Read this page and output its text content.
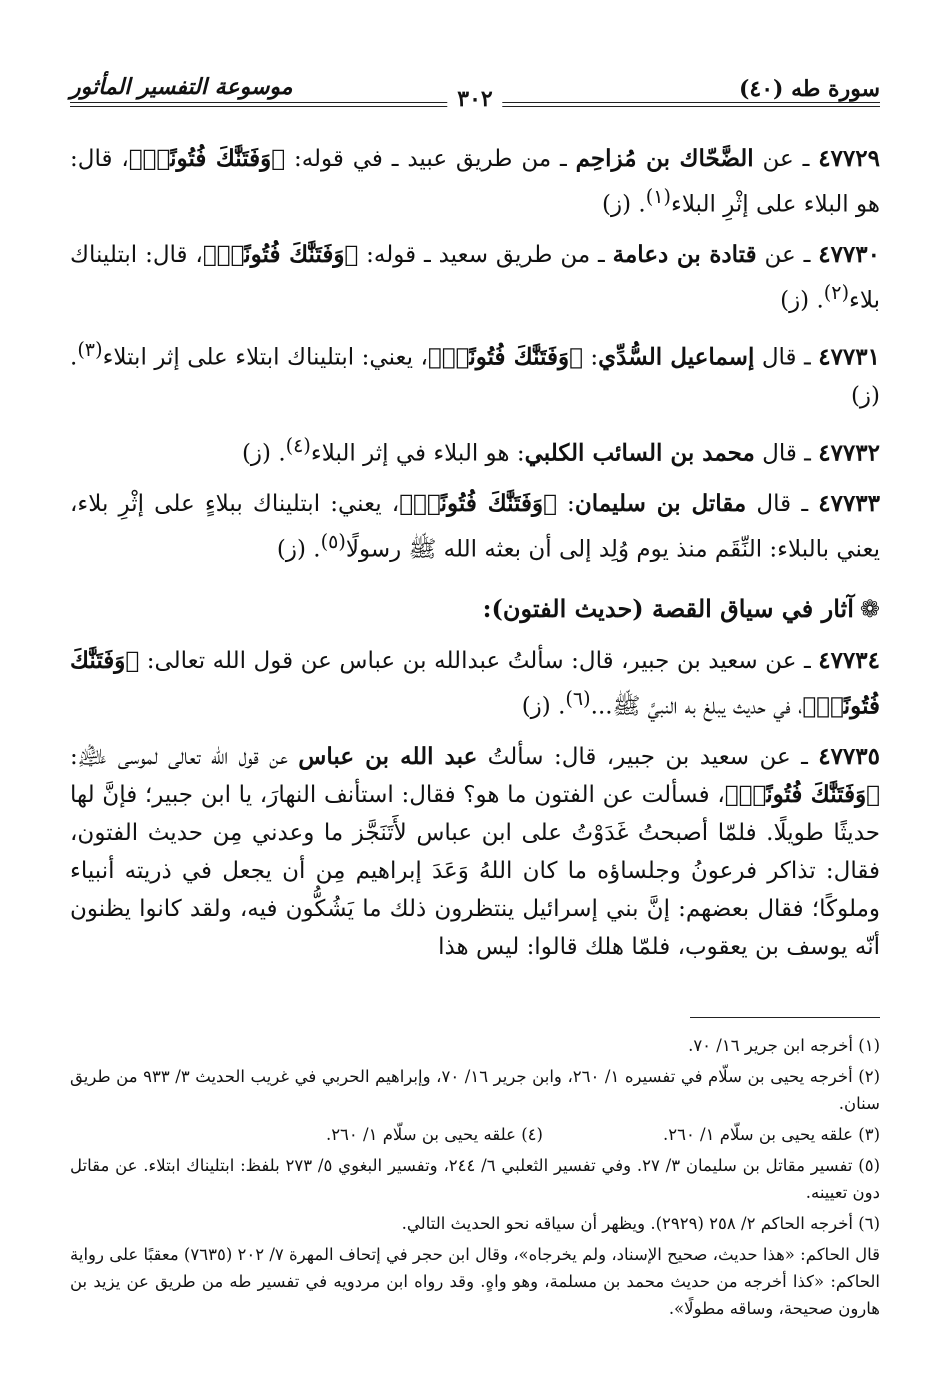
سورة طه (٤٠)
٣٠٢
موسوعة التفسير المأثور

٤٧٧٢٩ ـ عن الضَّحّاك بن مُزاحِم ـ من طريق عبيد ـ في قوله: ﴿وَفَتَنَّٰكَ فُتُونًاۚ﴾، قال: هو البلاء على إثْرِ البلاء$^{(١)}$. (ز)

٤٧٧٣٠ ـ عن قتادة بن دعامة ـ من طريق سعيد ـ قوله: ﴿وَفَتَنَّٰكَ فُتُونًاۚ﴾، قال: ابتليناك بلاء$^{(٢)}$. (ز)

٤٧٧٣١ ـ قال إسماعيل السُّدِّي: ﴿وَفَتَنَّٰكَ فُتُونًاۚ﴾، يعني: ابتليناك ابتلاء على إثر ابتلاء$^{(٣)}$. (ز)

٤٧٧٣٢ ـ قال محمد بن السائب الكلبي: هو البلاء في إثر البلاء$^{(٤)}$. (ز)

٤٧٧٣٣ ـ قال مقاتل بن سليمان: ﴿وَفَتَنَّٰكَ فُتُونًاۚ﴾، يعني: ابتليناك ببلاءٍ على إثْرِ بلاء، يعني بالبلاء: النِّقَم منذ يوم وُلِد إلى أن بعثه الله ﷺ رسولًا$^{(٥)}$. (ز)

❁آثار في سياق القصة (حديث الفتون):

٤٧٧٣٤ ـ عن سعيد بن جبير، قال: سألتُ عبدالله بن عباس عن قول الله تعالى: ﴿وَفَتَنَّٰكَ فُتُونًاۚ﴾، في حديث يبلغ به النبيَّ ﷺ...$^{(٦)}$. (ز)

٤٧٧٣٥ ـ عن سعيد بن جبير، قال: سألتُ عبد الله بن عباس عن قول الله تعالى لموسى ﵇: ﴿وَفَتَنَّٰكَ فُتُونًاۚ﴾، فسألت عن الفتون ما هو؟ فقال: استأنف النهارَ، يا ابن جبير؛ فإنَّ لها حديثًا طويلًا. فلمّا أصبحتُ غَدَوْتُ على ابن عباس لأَتَنَجَّز ما وعدني مِن حديث الفتون، فقال: تذاكر فرعونُ وجلساؤه ما كان اللهُ وَعَدَ إبراهيم مِن أن يجعل في ذريته أنبياء وملوكًا؛ فقال بعضهم: إنَّ بني إسرائيل ينتظرون ذلك ما يَشُكُّون فيه، ولقد كانوا يظنون أنّه يوسف بن يعقوب، فلمّا هلك قالوا: ليس هذا

(١) أخرجه ابن جرير ١٦/ ٧٠.

(٢) أخرجه يحيى بن سلّام في تفسيره ١/ ٢٦٠، وابن جرير ١٦/ ٧٠، وإبراهيم الحربي في غريب الحديث ٣/ ٩٣٣ من طريق سنان.

(٣) علقه يحيى بن سلّام ١/ ٢٦٠.
(٤) علقه يحيى بن سلّام ١/ ٢٦٠.

(٥) تفسير مقاتل بن سليمان ٣/ ٢٧. وفي تفسير الثعلبي ٦/ ٢٤٤، وتفسير البغوي ٥/ ٢٧٣ بلفظ: ابتليناك ابتلاء. عن مقاتل دون تعيينه.

(٦) أخرجه الحاكم ٢/ ٢٥٨ (٢٩٢٩). ويظهر أن سياقه نحو الحديث التالي.

قال الحاكم: «هذا حديث، صحيح الإسناد، ولم يخرجاه»، وقال ابن حجر في إتحاف المهرة ٧/ ٢٠٢ (٧٦٣٥) معقبًا على رواية الحاكم: «كذا أخرجه من حديث محمد بن مسلمة، وهو واهٍ. وقد رواه ابن مردويه في تفسير طه من طريق عن يزيد بن هارون صحيحة، وساقه مطولًا».
